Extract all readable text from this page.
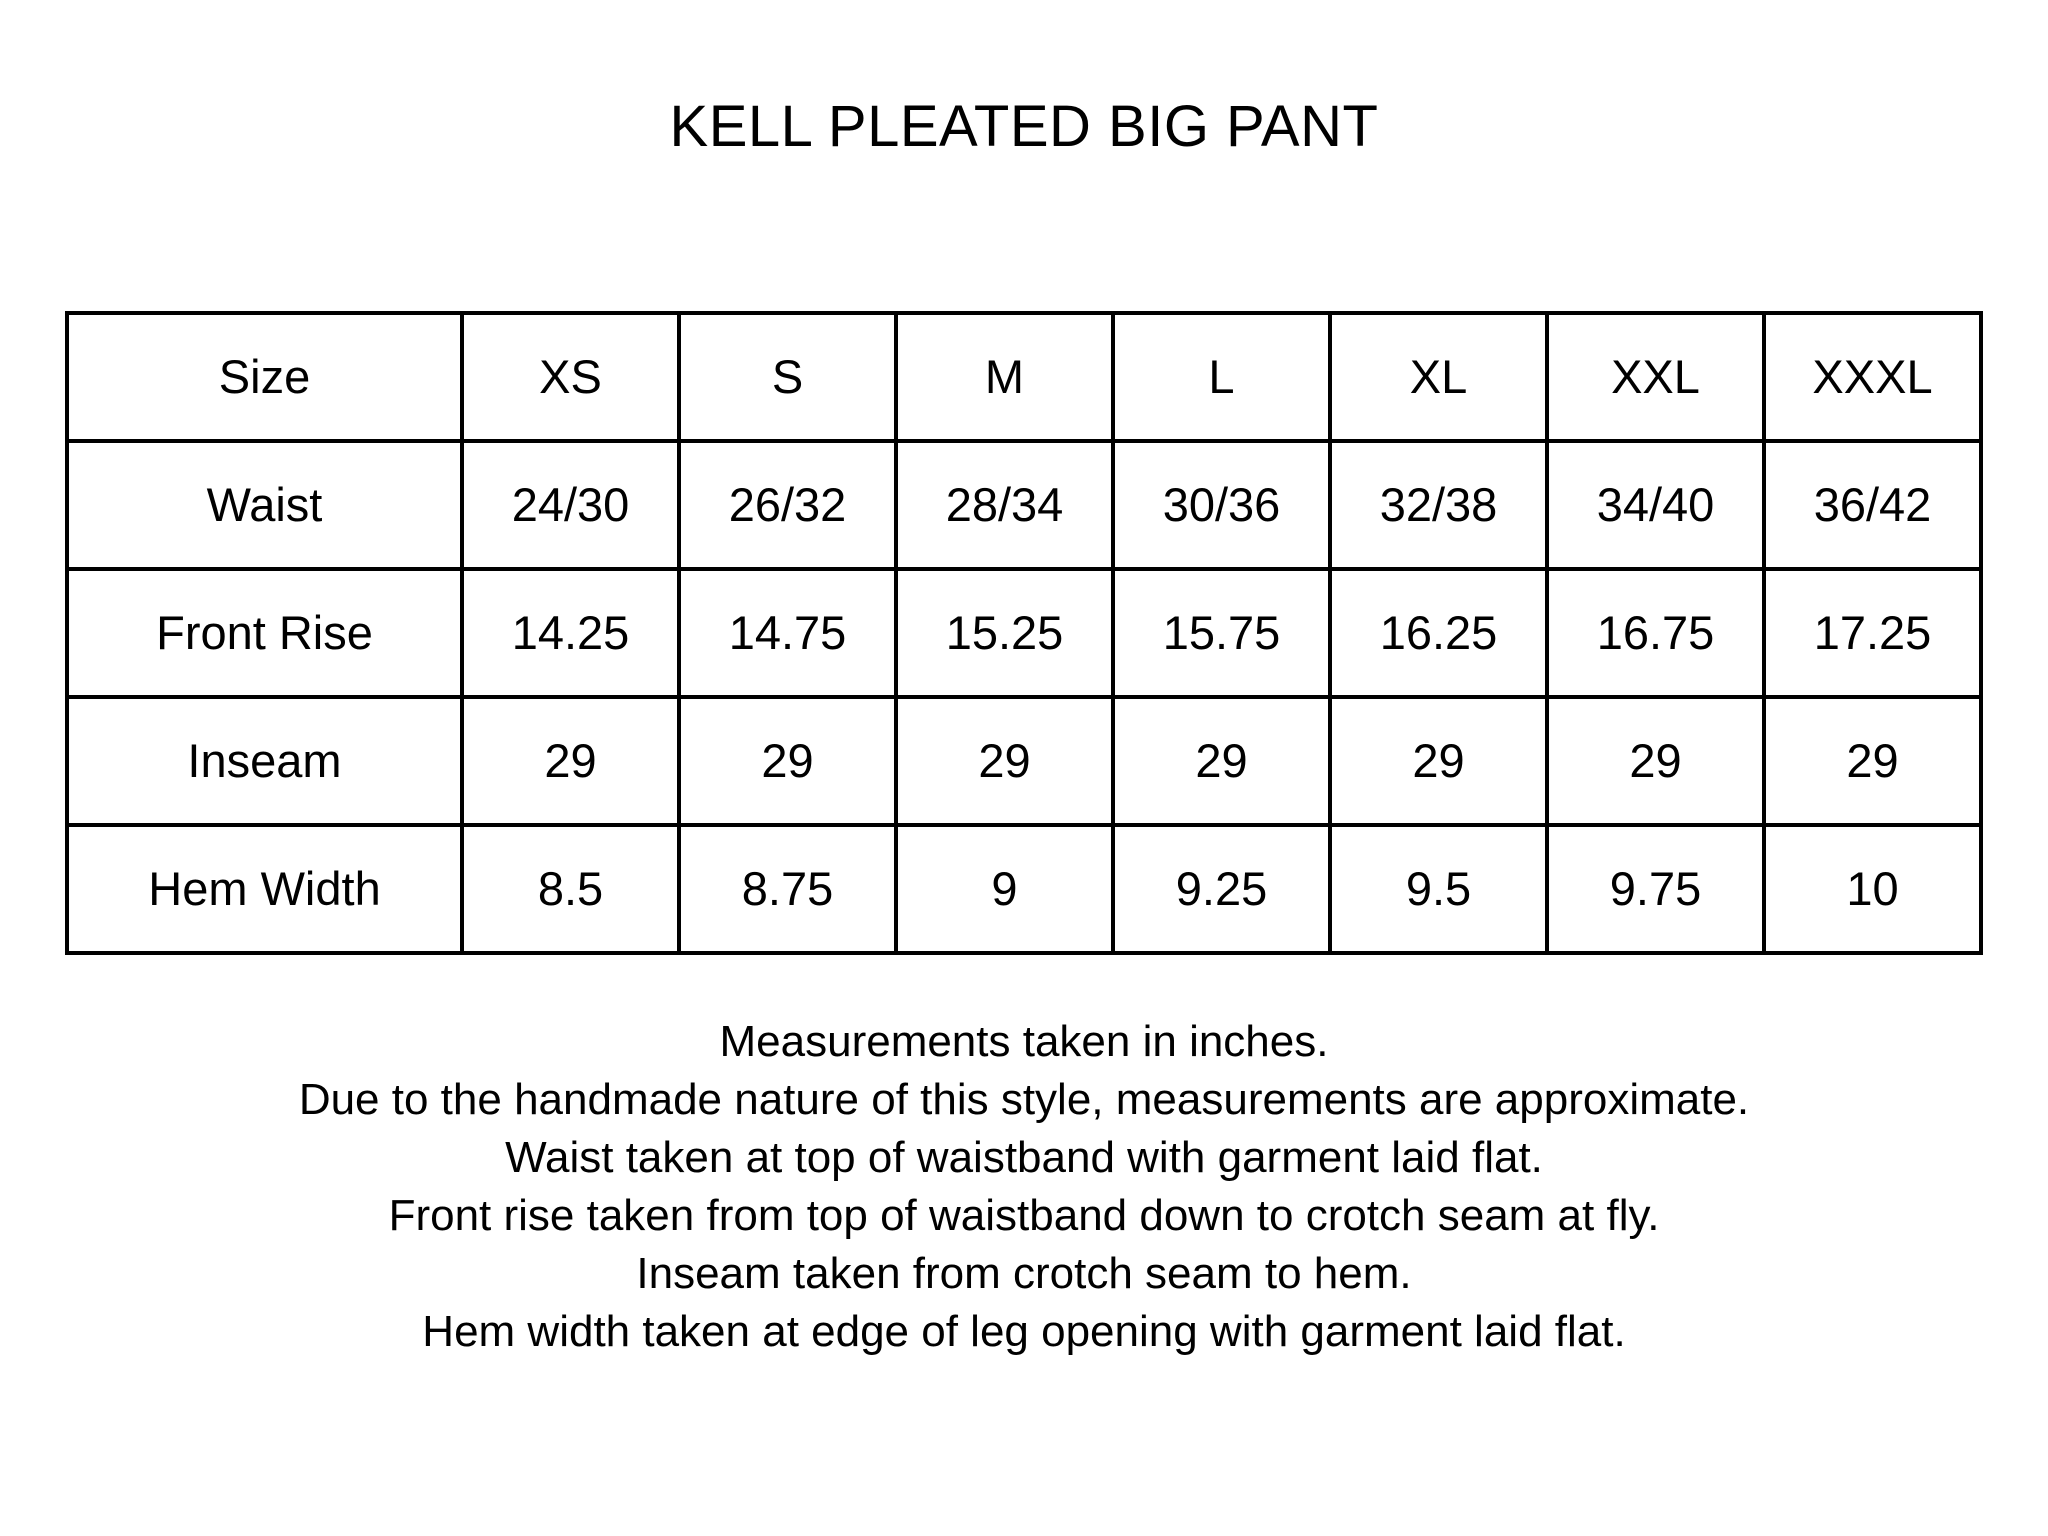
KELL PLEATED BIG PANT
Size	XS	S	M	L	XL	XXL	XXXL
Waist	24/30	26/32	28/34	30/36	32/38	34/40	36/42
Front Rise	14.25	14.75	15.25	15.75	16.25	16.75	17.25
Inseam	29	29	29	29	29	29	29
Hem Width	8.5	8.75	9	9.25	9.5	9.75	10
Measurements taken in inches.
Due to the handmade nature of this style, measurements are approximate.
Waist taken at top of waistband with garment laid flat.
Front rise taken from top of waistband down to crotch seam at fly.
Inseam taken from crotch seam to hem.
Hem width taken at edge of leg opening with garment laid flat.
